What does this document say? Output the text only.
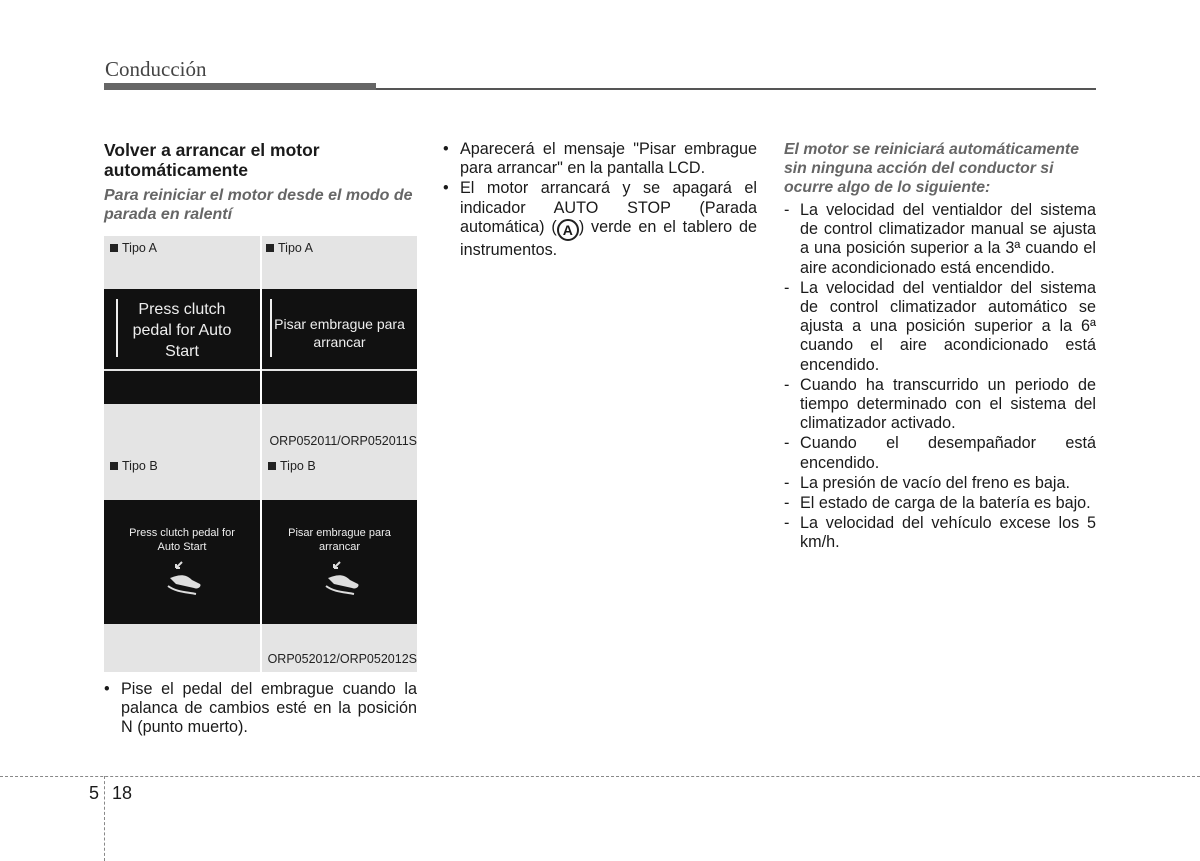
Conducción
Volver a arrancar el motor automáticamente
Para reiniciar el motor desde el modo de parada en ralentí
Tipo A	Tipo A
Press clutch pedal for Auto Start
Pisar embrague para arrancar
ORP052011/ORP052011S
Tipo B	Tipo B
Press clutch pedal for Auto Start
Pisar embrague para arrancar
ORP052012/ORP052012S
• Pise el pedal del embrague cuando la palanca de cambios esté en la posición N (punto muerto).
• Aparecerá el mensaje "Pisar embrague para arrancar" en la pantalla LCD.
• El motor arrancará y se apagará el indicador AUTO STOP (Parada automática) ( A ) verde en el tablero de instrumentos.
El motor se reiniciará automáticamente sin ninguna acción del conductor si ocurre algo de lo siguiente:
- La velocidad del ventialdor del sistema de control climatizador manual se ajusta a una posición superior a la 3ª cuando el aire acondicionado está encendido.
- La velocidad del ventialdor del sistema de control climatizador automático se ajusta a una posición superior a la 6ª cuando el aire acondicionado está encendido.
- Cuando ha transcurrido un periodo de tiempo determinado con el sistema del climatizador activado.
- Cuando el desempañador está encendido.
- La presión de vacío del freno es baja.
- El estado de carga de la batería es bajo.
- La velocidad del vehículo excese los 5 km/h.
5 18
